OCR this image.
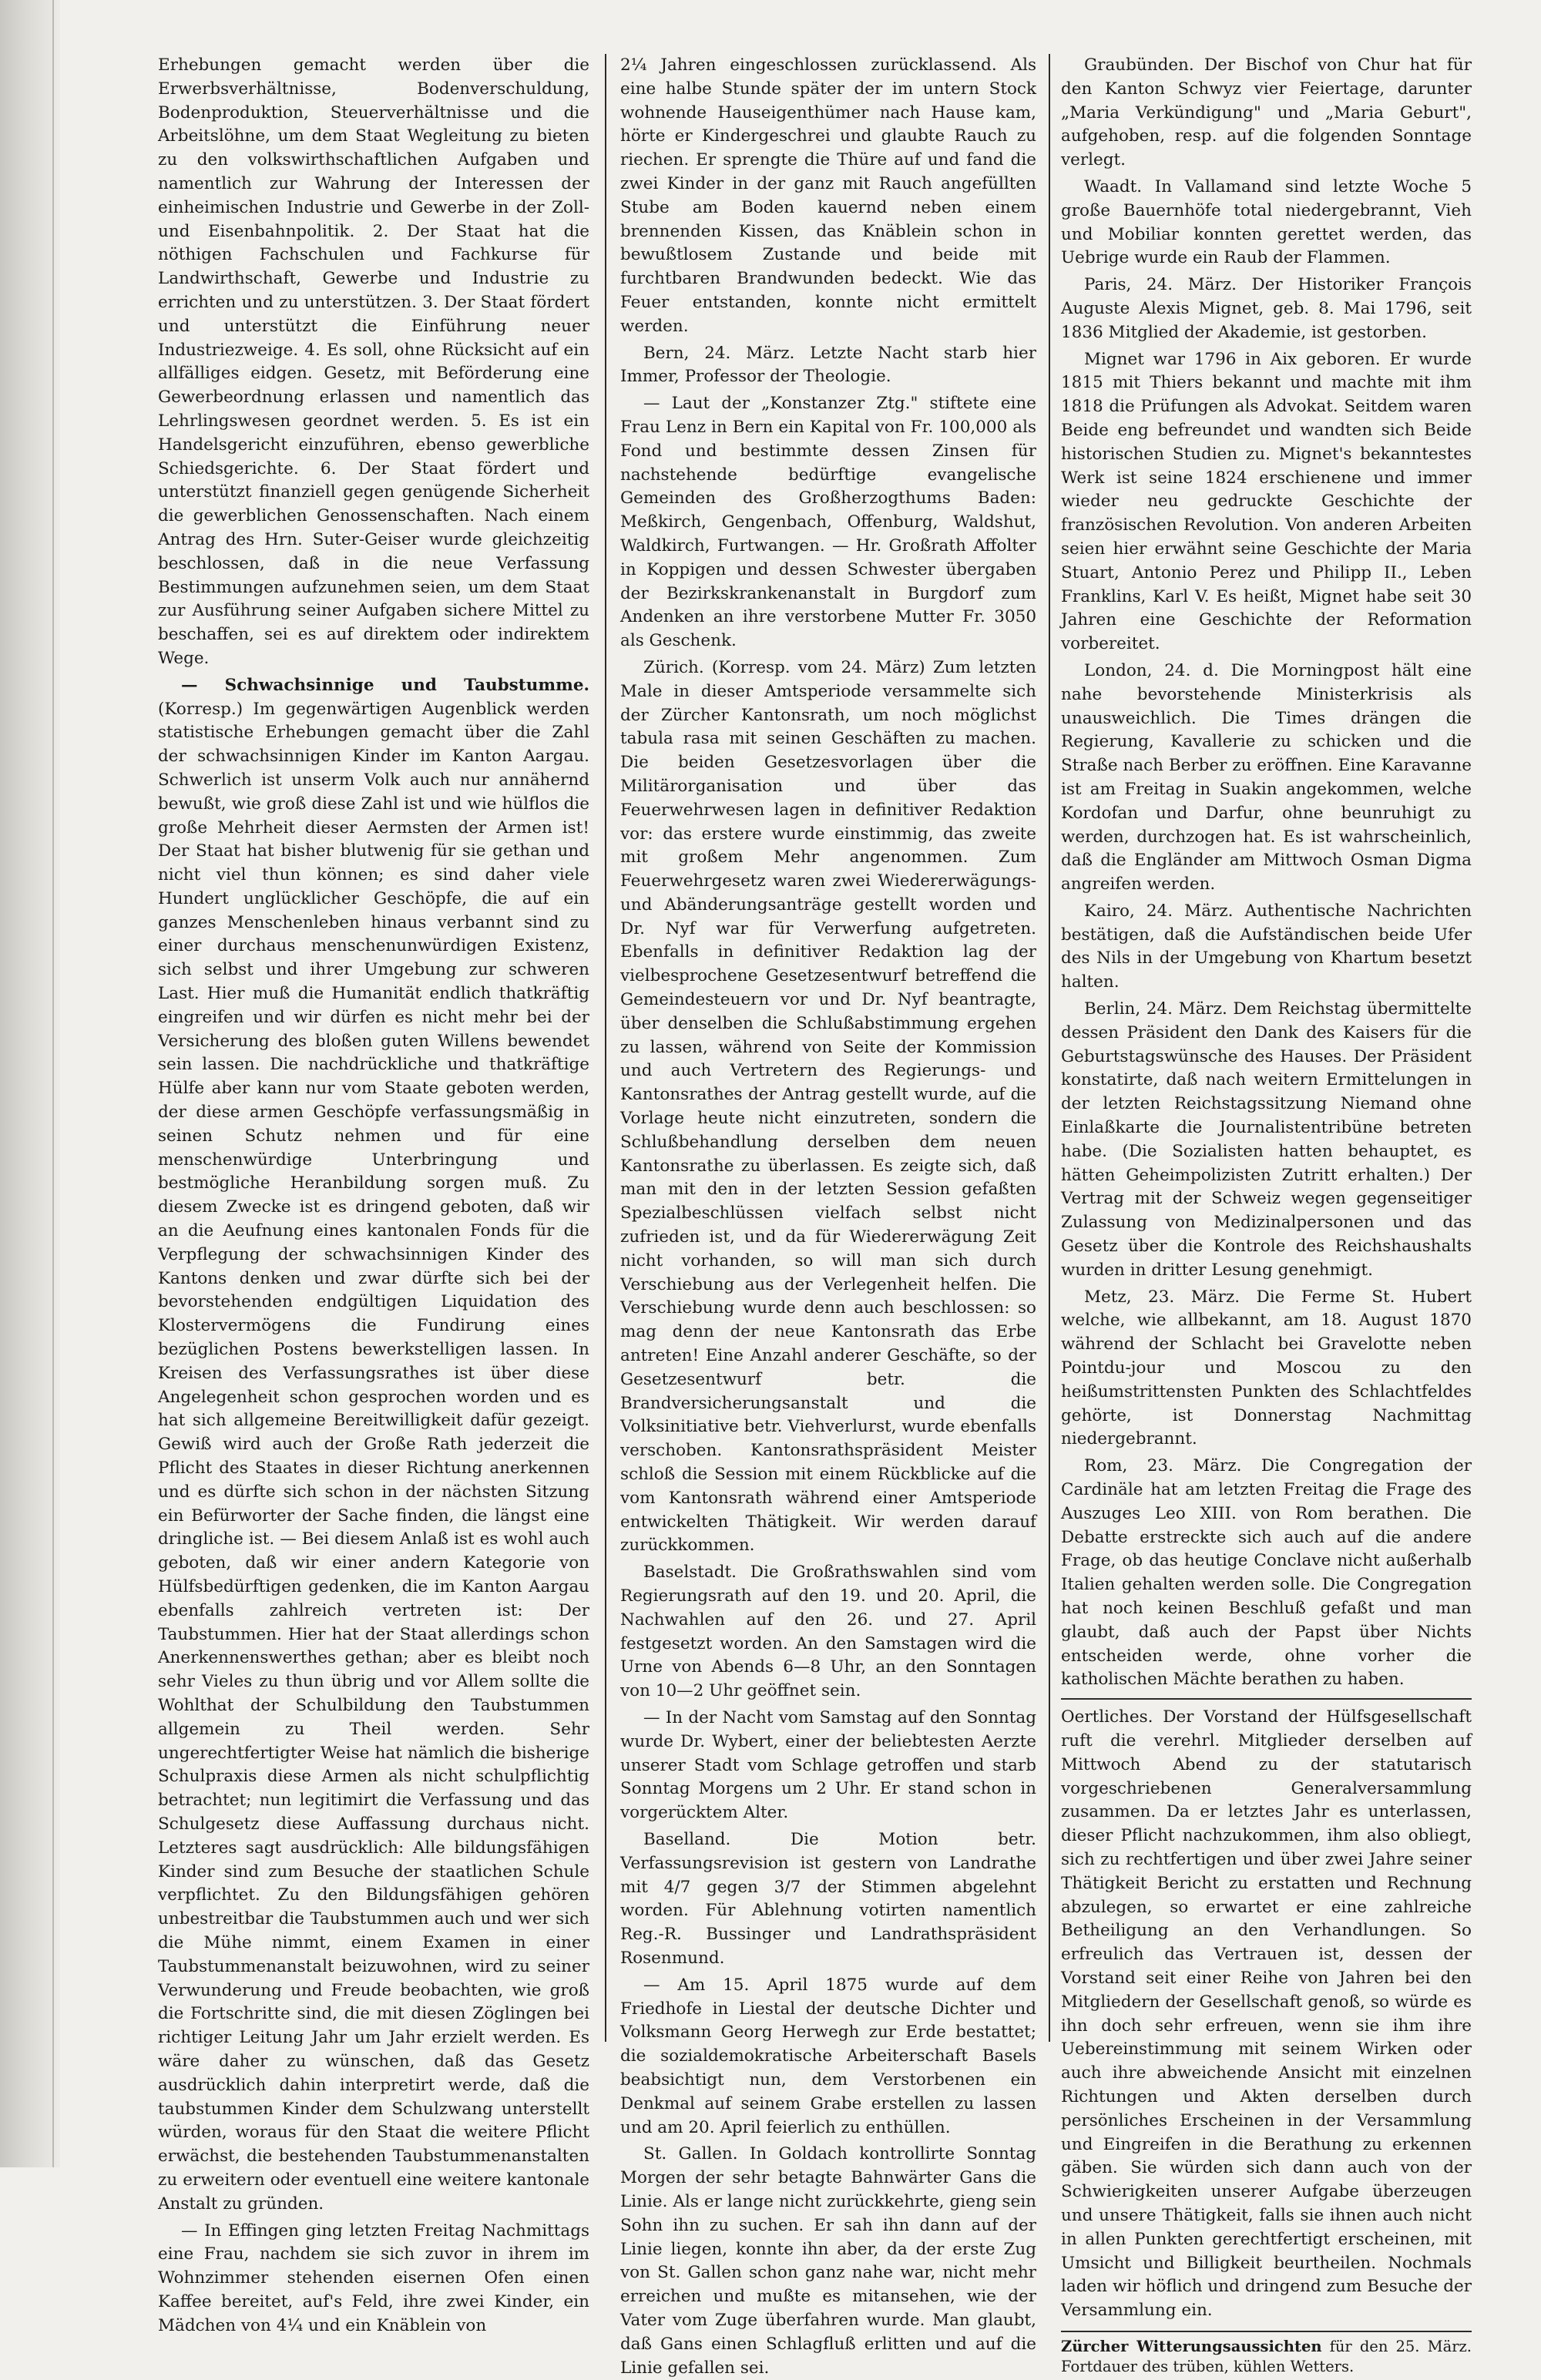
Erhebungen gemacht werden über die Erwerbsverhältnisse, Bodenverschuldung, Bodenproduktion, Steuerverhältnisse und die Arbeitslöhne, um dem Staat Wegleitung zu bieten zu den volkswirthschaftlichen Aufgaben und namentlich zur Wahrung der Interessen der einheimischen Industrie und Gewerbe in der Zoll- und Eisenbahnpolitik. 2. Der Staat hat die nöthigen Fachschulen und Fachkurse für Landwirthschaft, Gewerbe und Industrie zu errichten und zu unterstützen. 3. Der Staat fördert und unterstützt die Einführung neuer Industriezweige. 4. Es soll, ohne Rücksicht auf ein allfälliges eidgen. Gesetz, mit Beförderung eine Gewerbeordnung erlassen und namentlich das Lehrlingswesen geordnet werden. 5. Es ist ein Handelsgericht einzuführen, ebenso gewerbliche Schiedsgerichte. 6. Der Staat fördert und unterstützt finanziell gegen genügende Sicherheit die gewerblichen Genossenschaften. Nach einem Antrag des Hrn. Suter-Geiser wurde gleichzeitig beschlossen, daß in die neue Verfassung Bestimmungen aufzunehmen seien, um dem Staat zur Ausführung seiner Aufgaben sichere Mittel zu beschaffen, sei es auf direktem oder indirektem Wege.

— Schwachsinnige und Taubstumme. (Korresp.) Im gegenwärtigen Augenblick werden statistische Erhebungen gemacht über die Zahl der schwachsinnigen Kinder im Kanton Aargau. Schwerlich ist unserm Volk auch nur annähernd bewußt, wie groß diese Zahl ist und wie hülflos die große Mehrheit dieser Aermsten der Armen ist! Der Staat hat bisher blutwenig für sie gethan und nicht viel thun können; es sind daher viele Hundert unglücklicher Geschöpfe, die auf ein ganzes Menschenleben hinaus verbannt sind zu einer durchaus menschenunwürdigen Existenz, sich selbst und ihrer Umgebung zur schweren Last. Hier muß die Humanität endlich thatkräftig eingreifen und wir dürfen es nicht mehr bei der Versicherung des bloßen guten Willens bewendet sein lassen. Die nachdrückliche und thatkräftige Hülfe aber kann nur vom Staate geboten werden, der diese armen Geschöpfe verfassungsmäßig in seinen Schutz nehmen und für eine menschenwürdige Unterbringung und bestmögliche Heranbildung sorgen muß. Zu diesem Zwecke ist es dringend geboten, daß wir an die Aeufnung eines kantonalen Fonds für die Verpflegung der schwachsinnigen Kinder des Kantons denken und zwar dürfte sich bei der bevorstehenden endgültigen Liquidation des Klostervermögens die Fundirung eines bezüglichen Postens bewerkstelligen lassen. In Kreisen des Verfassungsrathes ist über diese Angelegenheit schon gesprochen worden und es hat sich allgemeine Bereitwilligkeit dafür gezeigt. Gewiß wird auch der Große Rath jederzeit die Pflicht des Staates in dieser Richtung anerkennen und es dürfte sich schon in der nächsten Sitzung ein Befürworter der Sache finden, die längst eine dringliche ist. — Bei diesem Anlaß ist es wohl auch geboten, daß wir einer andern Kategorie von Hülfsbedürftigen gedenken, die im Kanton Aargau ebenfalls zahlreich vertreten ist: Der Taubstummen. Hier hat der Staat allerdings schon Anerkennenswerthes gethan; aber es bleibt noch sehr Vieles zu thun übrig und vor Allem sollte die Wohlthat der Schulbildung den Taubstummen allgemein zu Theil werden. Sehr ungerechtfertigter Weise hat nämlich die bisherige Schulpraxis diese Armen als nicht schulpflichtig betrachtet; nun legitimirt die Verfassung und das Schulgesetz diese Auffassung durchaus nicht. Letzteres sagt ausdrücklich: Alle bildungsfähigen Kinder sind zum Besuche der staatlichen Schule verpflichtet. Zu den Bildungsfähigen gehören unbestreitbar die Taubstummen auch und wer sich die Mühe nimmt, einem Examen in einer Taubstummenanstalt beizuwohnen, wird zu seiner Verwunderung und Freude beobachten, wie groß die Fortschritte sind, die mit diesen Zöglingen bei richtiger Leitung Jahr um Jahr erzielt werden. Es wäre daher zu wünschen, daß das Gesetz ausdrücklich dahin interpretirt werde, daß die taubstummen Kinder dem Schulzwang unterstellt würden, woraus für den Staat die weitere Pflicht erwächst, die bestehenden Taubstummenanstalten zu erweitern oder eventuell eine weitere kantonale Anstalt zu gründen.

— In Effingen ging letzten Freitag Nachmittags eine Frau, nachdem sie sich zuvor in ihrem im Wohnzimmer stehenden eisernen Ofen einen Kaffee bereitet, auf's Feld, ihre zwei Kinder, ein Mädchen von 4¼ und ein Knäblein von

2¼ Jahren eingeschlossen zurücklassend. Als eine halbe Stunde später der im untern Stock wohnende Hauseigenthümer nach Hause kam, hörte er Kindergeschrei und glaubte Rauch zu riechen. Er sprengte die Thüre auf und fand die zwei Kinder in der ganz mit Rauch angefüllten Stube am Boden kauernd neben einem brennenden Kissen, das Knäblein schon in bewußtlosem Zustande und beide mit furchtbaren Brandwunden bedeckt. Wie das Feuer entstanden, konnte nicht ermittelt werden.

Bern, 24. März. Letzte Nacht starb hier Immer, Professor der Theologie.

— Laut der „Konstanzer Ztg." stiftete eine Frau Lenz in Bern ein Kapital von Fr. 100,000 als Fond und bestimmte dessen Zinsen für nachstehende bedürftige evangelische Gemeinden des Großherzogthums Baden: Meßkirch, Gengenbach, Offenburg, Waldshut, Waldkirch, Furtwangen. — Hr. Großrath Affolter in Koppigen und dessen Schwester übergaben der Bezirkskrankenanstalt in Burgdorf zum Andenken an ihre verstorbene Mutter Fr. 3050 als Geschenk.

Zürich. (Korresp. vom 24. März) Zum letzten Male in dieser Amtsperiode versammelte sich der Zürcher Kantonsrath, um noch möglichst tabula rasa mit seinen Geschäften zu machen. Die beiden Gesetzesvorlagen über die Militärorganisation und über das Feuerwehrwesen lagen in definitiver Redaktion vor: das erstere wurde einstimmig, das zweite mit großem Mehr angenommen. Zum Feuerwehrgesetz waren zwei Wiedererwägungs- und Abänderungsanträge gestellt worden und Dr. Nyf war für Verwerfung aufgetreten. Ebenfalls in definitiver Redaktion lag der vielbesprochene Gesetzesentwurf betreffend die Gemeindesteuern vor und Dr. Nyf beantragte, über denselben die Schlußabstimmung ergehen zu lassen, während von Seite der Kommission und auch Vertretern des Regierungs- und Kantonsrathes der Antrag gestellt wurde, auf die Vorlage heute nicht einzutreten, sondern die Schlußbehandlung derselben dem neuen Kantonsrathe zu überlassen. Es zeigte sich, daß man mit den in der letzten Session gefaßten Spezialbeschlüssen vielfach selbst nicht zufrieden ist, und da für Wiedererwägung Zeit nicht vorhanden, so will man sich durch Verschiebung aus der Verlegenheit helfen. Die Verschiebung wurde denn auch beschlossen: so mag denn der neue Kantonsrath das Erbe antreten! Eine Anzahl anderer Geschäfte, so der Gesetzesentwurf betr. die Brandversicherungsanstalt und die Volksinitiative betr. Viehverlurst, wurde ebenfalls verschoben. Kantonsrathspräsident Meister schloß die Session mit einem Rückblicke auf die vom Kantonsrath während einer Amtsperiode entwickelten Thätigkeit. Wir werden darauf zurückkommen.

Baselstadt. Die Großrathswahlen sind vom Regierungsrath auf den 19. und 20. April, die Nachwahlen auf den 26. und 27. April festgesetzt worden. An den Samstagen wird die Urne von Abends 6—8 Uhr, an den Sonntagen von 10—2 Uhr geöffnet sein.

— In der Nacht vom Samstag auf den Sonntag wurde Dr. Wybert, einer der beliebtesten Aerzte unserer Stadt vom Schlage getroffen und starb Sonntag Morgens um 2 Uhr. Er stand schon in vorgerücktem Alter.

Baselland. Die Motion betr. Verfassungsrevision ist gestern von Landrathe mit 4/7 gegen 3/7 der Stimmen abgelehnt worden. Für Ablehnung votirten namentlich Reg.-R. Bussinger und Landrathspräsident Rosenmund.

— Am 15. April 1875 wurde auf dem Friedhofe in Liestal der deutsche Dichter und Volksmann Georg Herwegh zur Erde bestattet; die sozialdemokratische Arbeiterschaft Basels beabsichtigt nun, dem Verstorbenen ein Denkmal auf seinem Grabe erstellen zu lassen und am 20. April feierlich zu enthüllen.

St. Gallen. In Goldach kontrollirte Sonntag Morgen der sehr betagte Bahnwärter Gans die Linie. Als er lange nicht zurückkehrte, gieng sein Sohn ihn zu suchen. Er sah ihn dann auf der Linie liegen, konnte ihn aber, da der erste Zug von St. Gallen schon ganz nahe war, nicht mehr erreichen und mußte es mitansehen, wie der Vater vom Zuge überfahren wurde. Man glaubt, daß Gans einen Schlagfluß erlitten und auf die Linie gefallen sei.

Graubünden. Der Bischof von Chur hat für den Kanton Schwyz vier Feiertage, darunter „Maria Verkündigung" und „Maria Geburt", aufgehoben, resp. auf die folgenden Sonntage verlegt.

Waadt. In Vallamand sind letzte Woche 5 große Bauernhöfe total niedergebrannt, Vieh und Mobiliar konnten gerettet werden, das Uebrige wurde ein Raub der Flammen.

Paris, 24. März. Der Historiker François Auguste Alexis Mignet, geb. 8. Mai 1796, seit 1836 Mitglied der Akademie, ist gestorben.

Mignet war 1796 in Aix geboren. Er wurde 1815 mit Thiers bekannt und machte mit ihm 1818 die Prüfungen als Advokat. Seitdem waren Beide eng befreundet und wandten sich Beide historischen Studien zu. Mignet's bekanntestes Werk ist seine 1824 erschienene und immer wieder neu gedruckte Geschichte der französischen Revolution. Von anderen Arbeiten seien hier erwähnt seine Geschichte der Maria Stuart, Antonio Perez und Philipp II., Leben Franklins, Karl V. Es heißt, Mignet habe seit 30 Jahren eine Geschichte der Reformation vorbereitet.

London, 24. d. Die Morningpost hält eine nahe bevorstehende Ministerkrisis als unausweichlich. Die Times drängen die Regierung, Kavallerie zu schicken und die Straße nach Berber zu eröffnen. Eine Karavanne ist am Freitag in Suakin angekommen, welche Kordofan und Darfur, ohne beunruhigt zu werden, durchzogen hat. Es ist wahrscheinlich, daß die Engländer am Mittwoch Osman Digma angreifen werden.

Kairo, 24. März. Authentische Nachrichten bestätigen, daß die Aufständischen beide Ufer des Nils in der Umgebung von Khartum besetzt halten.

Berlin, 24. März. Dem Reichstag übermittelte dessen Präsident den Dank des Kaisers für die Geburtstagswünsche des Hauses. Der Präsident konstatirte, daß nach weitern Ermittelungen in der letzten Reichstagssitzung Niemand ohne Einlaßkarte die Journalistentribüne betreten habe. (Die Sozialisten hatten behauptet, es hätten Geheimpolizisten Zutritt erhalten.) Der Vertrag mit der Schweiz wegen gegenseitiger Zulassung von Medizinalpersonen und das Gesetz über die Kontrole des Reichshaushalts wurden in dritter Lesung genehmigt.

Metz, 23. März. Die Ferme St. Hubert welche, wie allbekannt, am 18. August 1870 während der Schlacht bei Gravelotte neben Pointdu-jour und Moscou zu den heißumstrittensten Punkten des Schlachtfeldes gehörte, ist Donnerstag Nachmittag niedergebrannt.

Rom, 23. März. Die Congregation der Cardinäle hat am letzten Freitag die Frage des Auszuges Leo XIII. von Rom berathen. Die Debatte erstreckte sich auch auf die andere Frage, ob das heutige Conclave nicht außerhalb Italien gehalten werden solle. Die Congregation hat noch keinen Beschluß gefaßt und man glaubt, daß auch der Papst über Nichts entscheiden werde, ohne vorher die katholischen Mächte berathen zu haben.

Oertliches. Der Vorstand der Hülfsgesellschaft ruft die verehrl. Mitglieder derselben auf Mittwoch Abend zu der statutarisch vorgeschriebenen Generalversammlung zusammen. Da er letztes Jahr es unterlassen, dieser Pflicht nachzukommen, ihm also obliegt, sich zu rechtfertigen und über zwei Jahre seiner Thätigkeit Bericht zu erstatten und Rechnung abzulegen, so erwartet er eine zahlreiche Betheiligung an den Verhandlungen. So erfreulich das Vertrauen ist, dessen der Vorstand seit einer Reihe von Jahren bei den Mitgliedern der Gesellschaft genoß, so würde es ihn doch sehr erfreuen, wenn sie ihm ihre Uebereinstimmung mit seinem Wirken oder auch ihre abweichende Ansicht mit einzelnen Richtungen und Akten derselben durch persönliches Erscheinen in der Versammlung und Eingreifen in die Berathung zu erkennen gäben. Sie würden sich dann auch von der Schwierigkeiten unserer Aufgabe überzeugen und unsere Thätigkeit, falls sie ihnen auch nicht in allen Punkten gerechtfertigt erscheinen, mit Umsicht und Billigkeit beurtheilen. Nochmals laden wir höflich und dringend zum Besuche der Versammlung ein.

Zürcher Witterungsaussichten für den 25. März. Fortdauer des trüben, kühlen Wetters.
